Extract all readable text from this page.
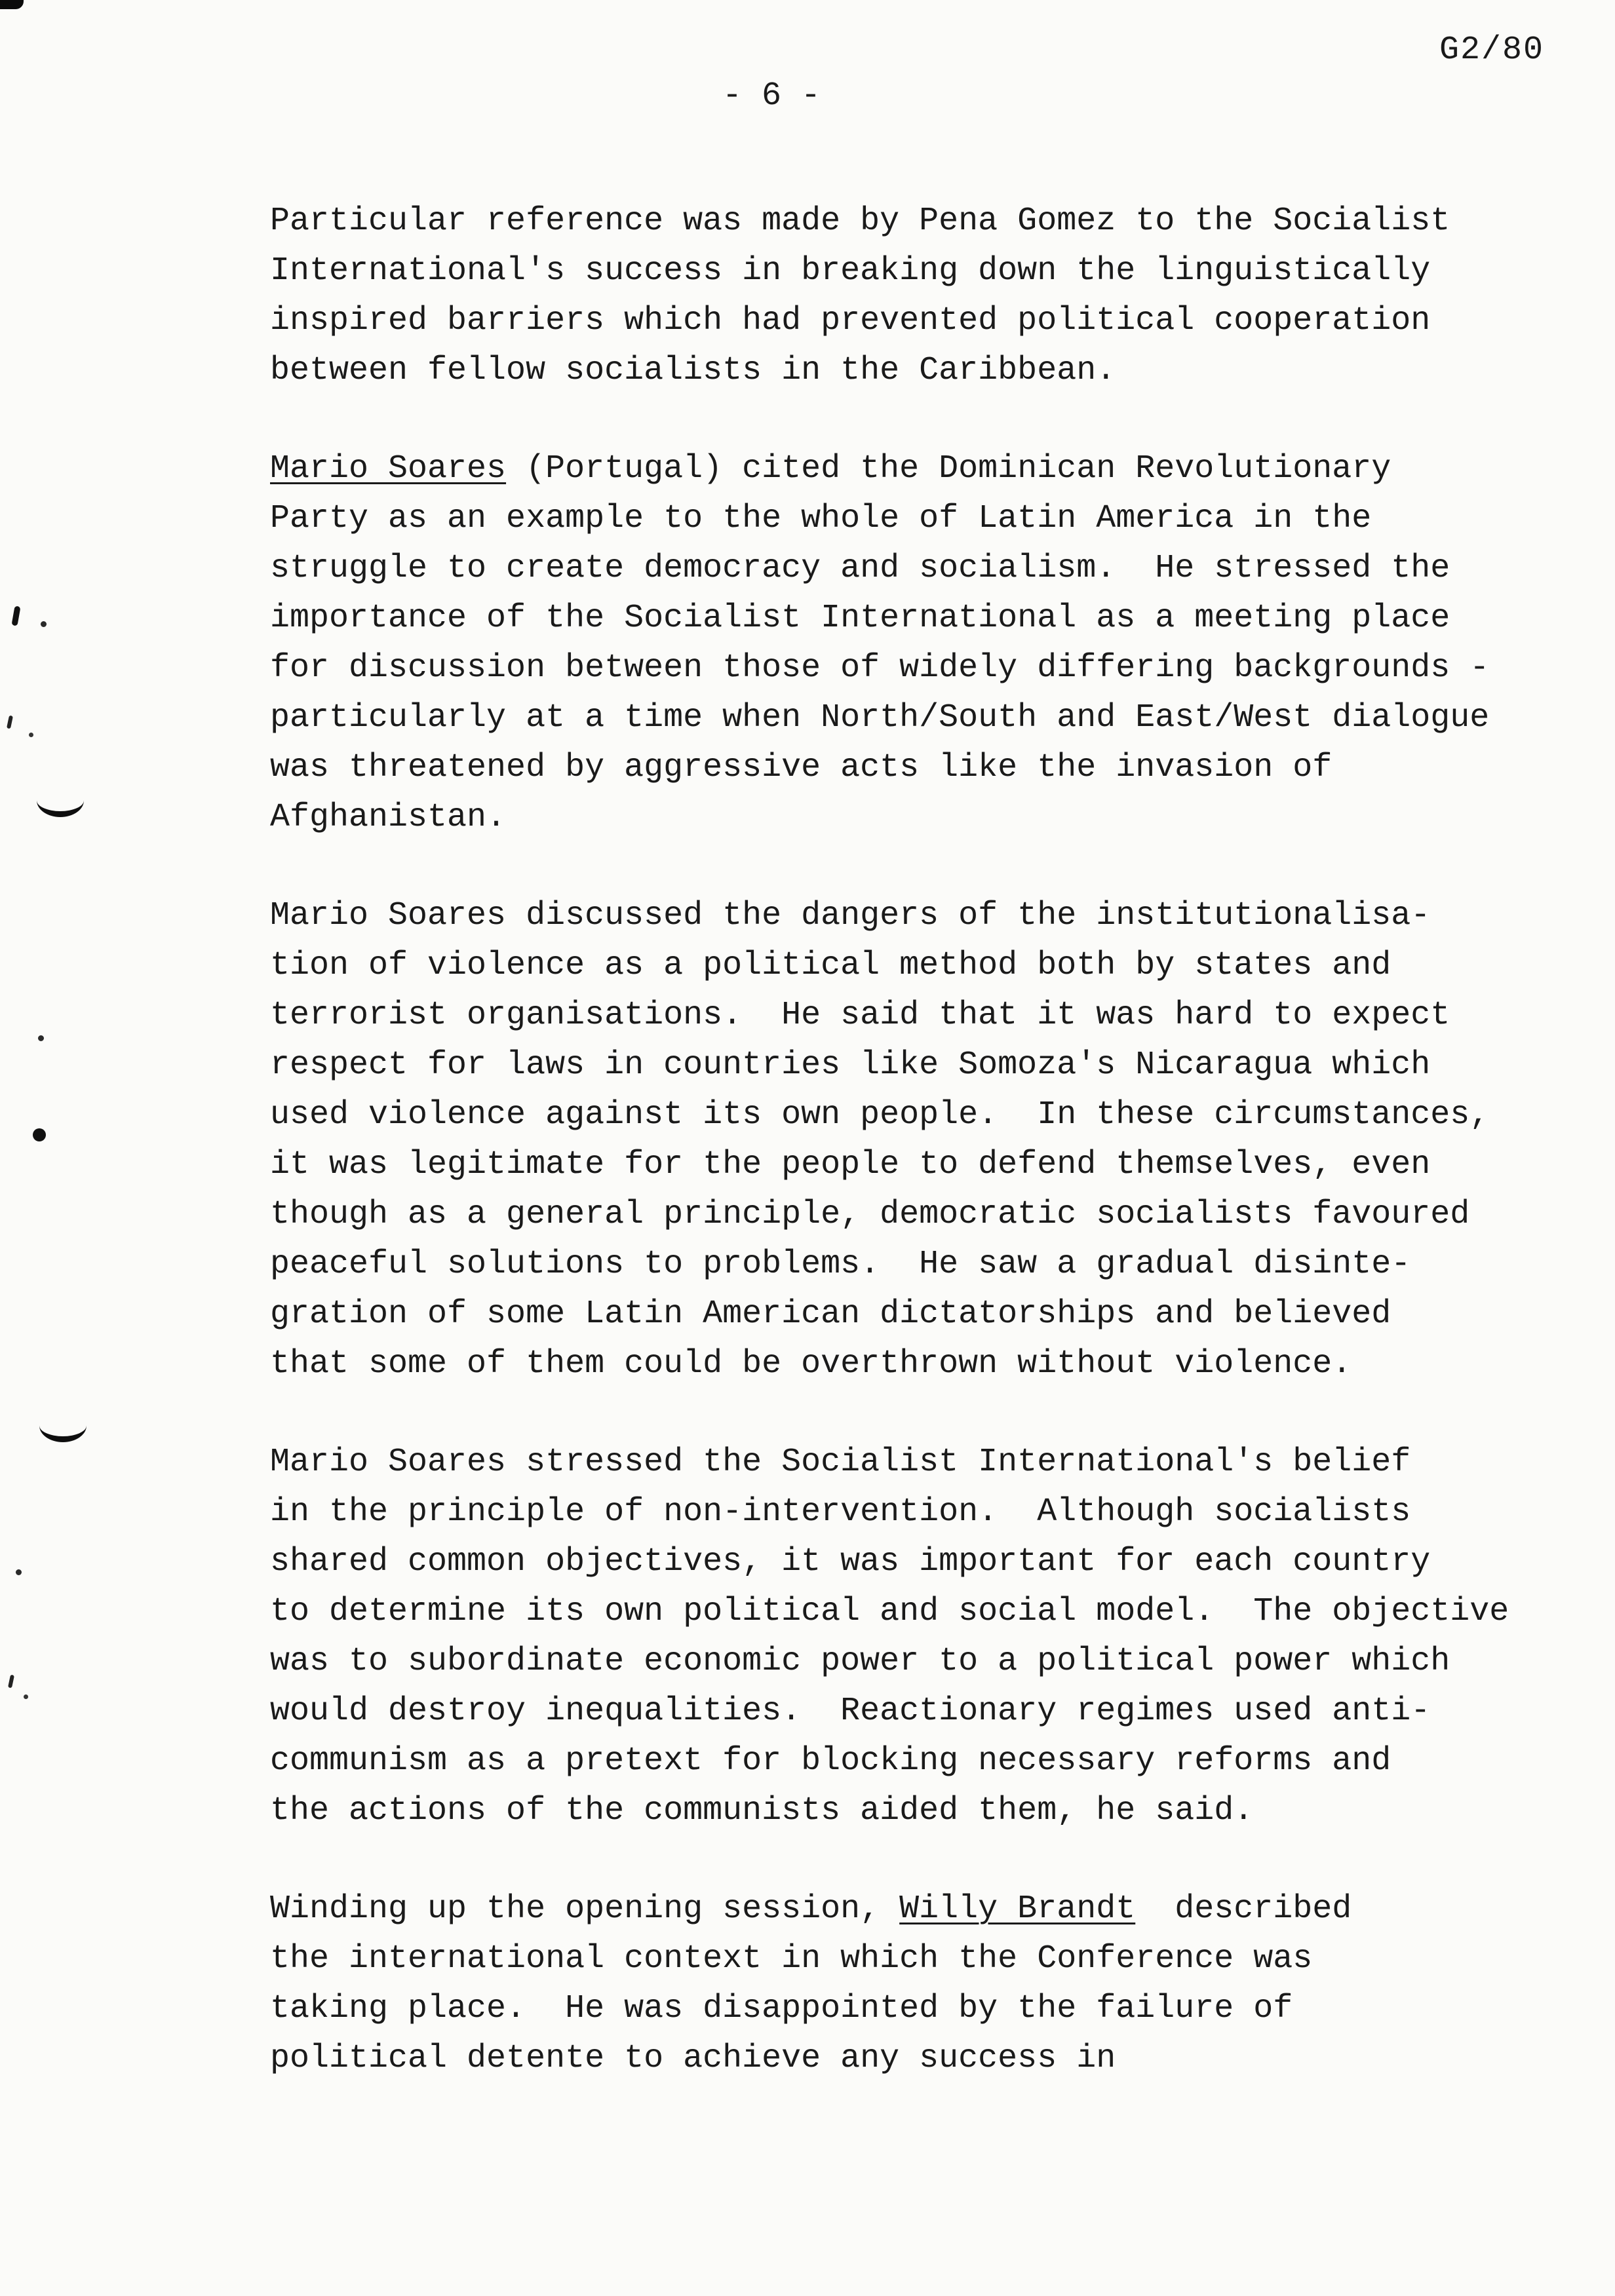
G2/80
- 6 -

Particular reference was made by Pena Gomez to the Socialist
International's success in breaking down the linguistically
inspired barriers which had prevented political cooperation
between fellow socialists in the Caribbean.

Mario Soares (Portugal) cited the Dominican Revolutionary
Party as an example to the whole of Latin America in the
struggle to create democracy and socialism.  He stressed the
importance of the Socialist International as a meeting place
for discussion between those of widely differing backgrounds -
particularly at a time when North/South and East/West dialogue
was threatened by aggressive acts like the invasion of
Afghanistan.

Mario Soares discussed the dangers of the institutionalisa-
tion of violence as a political method both by states and
terrorist organisations.  He said that it was hard to expect
respect for laws in countries like Somoza's Nicaragua which
used violence against its own people.  In these circumstances,
it was legitimate for the people to defend themselves, even
though as a general principle, democratic socialists favoured
peaceful solutions to problems.  He saw a gradual disinte-
gration of some Latin American dictatorships and believed
that some of them could be overthrown without violence.

Mario Soares stressed the Socialist International's belief
in the principle of non-intervention.  Although socialists
shared common objectives, it was important for each country
to determine its own political and social model.  The objective
was to subordinate economic power to a political power which
would destroy inequalities.  Reactionary regimes used anti-
communism as a pretext for blocking necessary reforms and
the actions of the communists aided them, he said.

Winding up the opening session, Willy Brandt  described
the international context in which the Conference was
taking place.  He was disappointed by the failure of
political detente to achieve any success in
